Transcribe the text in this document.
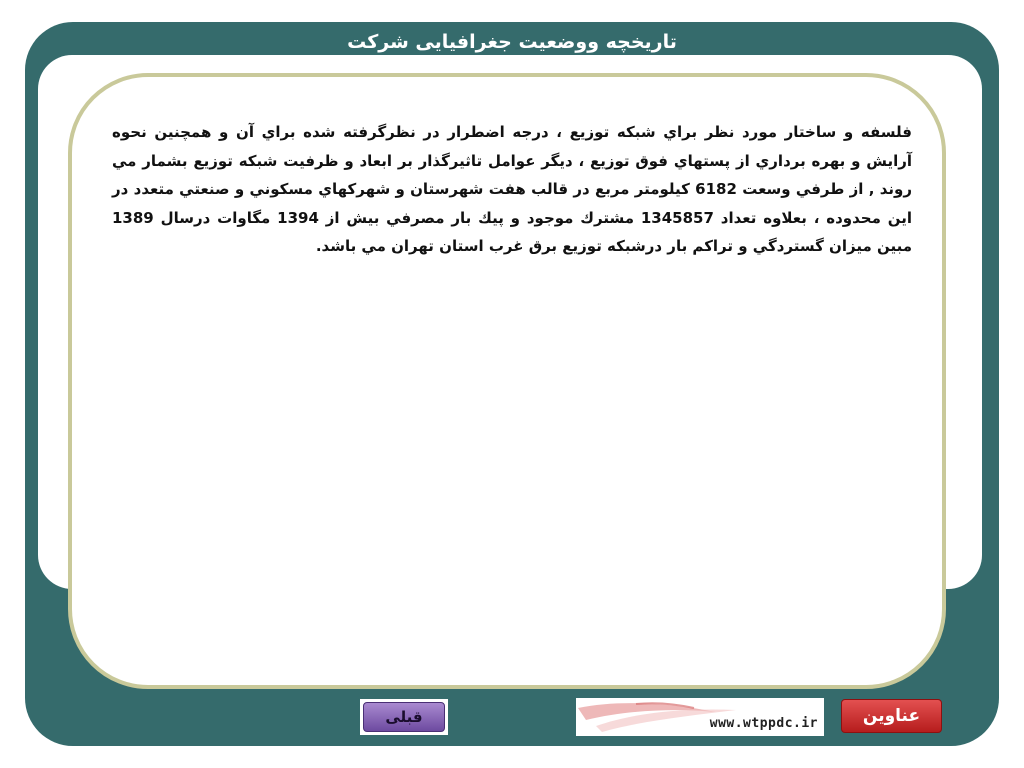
تاریخچه ووضعیت جغرافیایی شرکت
فلسفه و ساختار مورد نظر براي شبكه توزيع ، درجه اضطرار در نظرگرفته شده براي آن و همچنين نحوه آرايش و بهره برداري از پستهاي فوق توزيع ، ديگر عوامل تاثيرگذار بر ابعاد و ظرفيت شبكه توزيع بشمار مي روند , از طرفي وسعت 6182 كيلومتر مربع در قالب هفت شهرستان و شهركهاي مسكوني و صنعتي متعدد در اين محدوده ، بعلاوه تعداد 1345857 مشترك موجود و پيك بار مصرفي بيش از 1394 مگاوات درسال 1389 مبين ميزان گستردگي و تراكم بار درشبكه توزيع برق غرب استان تهران مي باشد.
قبلی	www.wtppdc.ir	عناوین
